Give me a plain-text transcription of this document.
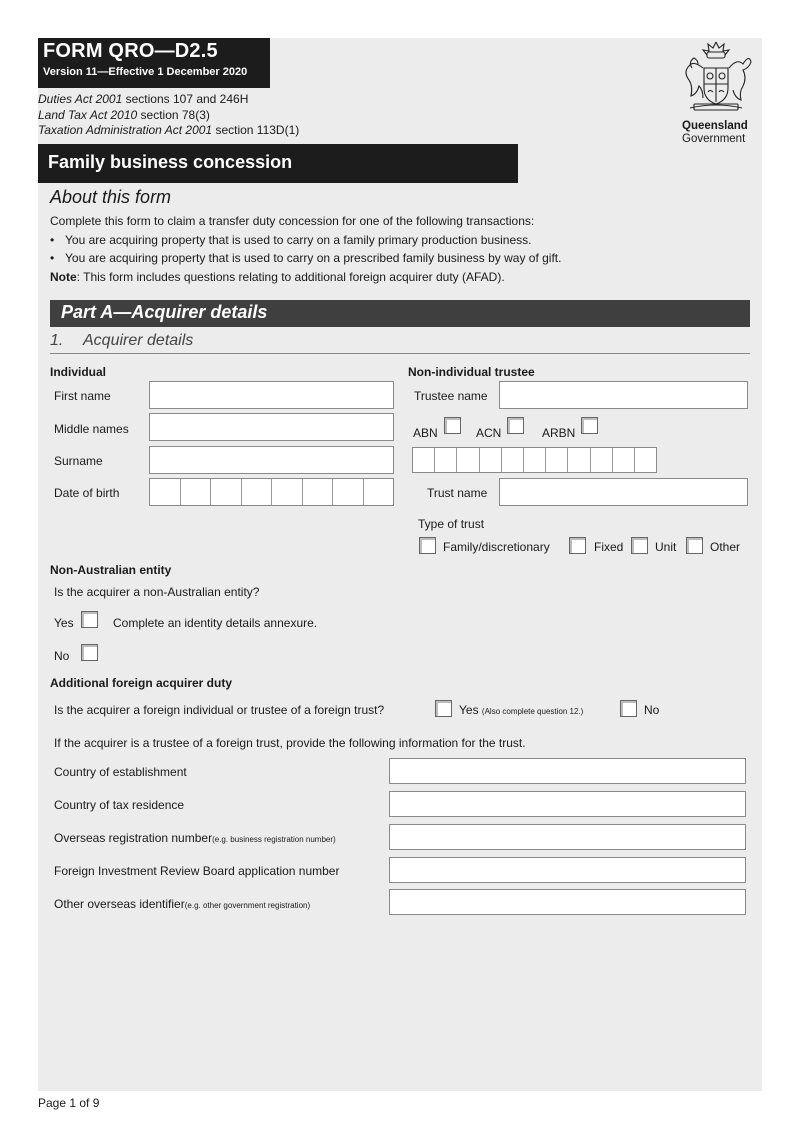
FORM QRO—D2.5
Version 11—Effective 1 December 2020
Duties Act 2001 sections 107 and 246H
Land Tax Act 2010 section 78(3)
Taxation Administration Act 2001 section 113D(1)	Queensland
Government
Family business concession
About this form
Complete this form to claim a transfer duty concession for one of the following transactions:
• You are acquiring property that is used to carry on a family primary production business.
• You are acquiring property that is used to carry on a prescribed family business by way of gift.
Note: This form includes questions relating to additional foreign acquirer duty (AFAD).
Part A—Acquirer details
1. Acquirer details
Individual
First name
Middle names
Surname
Date of birth
Non-individual trustee
Trustee name
ABN	ACN	ARBN
Trust name
Type of trust
Family/discretionary	Fixed	Unit	Other
Non-Australian entity
Is the acquirer a non-Australian entity?
Yes	Complete an identity details annexure.
No
Additional foreign acquirer duty
Is the acquirer a foreign individual or trustee of a foreign trust?	Yes (Also complete question 12.)	No
If the acquirer is a trustee of a foreign trust, provide the following information for the trust.
Country of establishment
Country of tax residence
Overseas registration number(e.g. business registration number)
Foreign Investment Review Board application number
Other overseas identifier(e.g. other government registration)
Page 1 of 9
